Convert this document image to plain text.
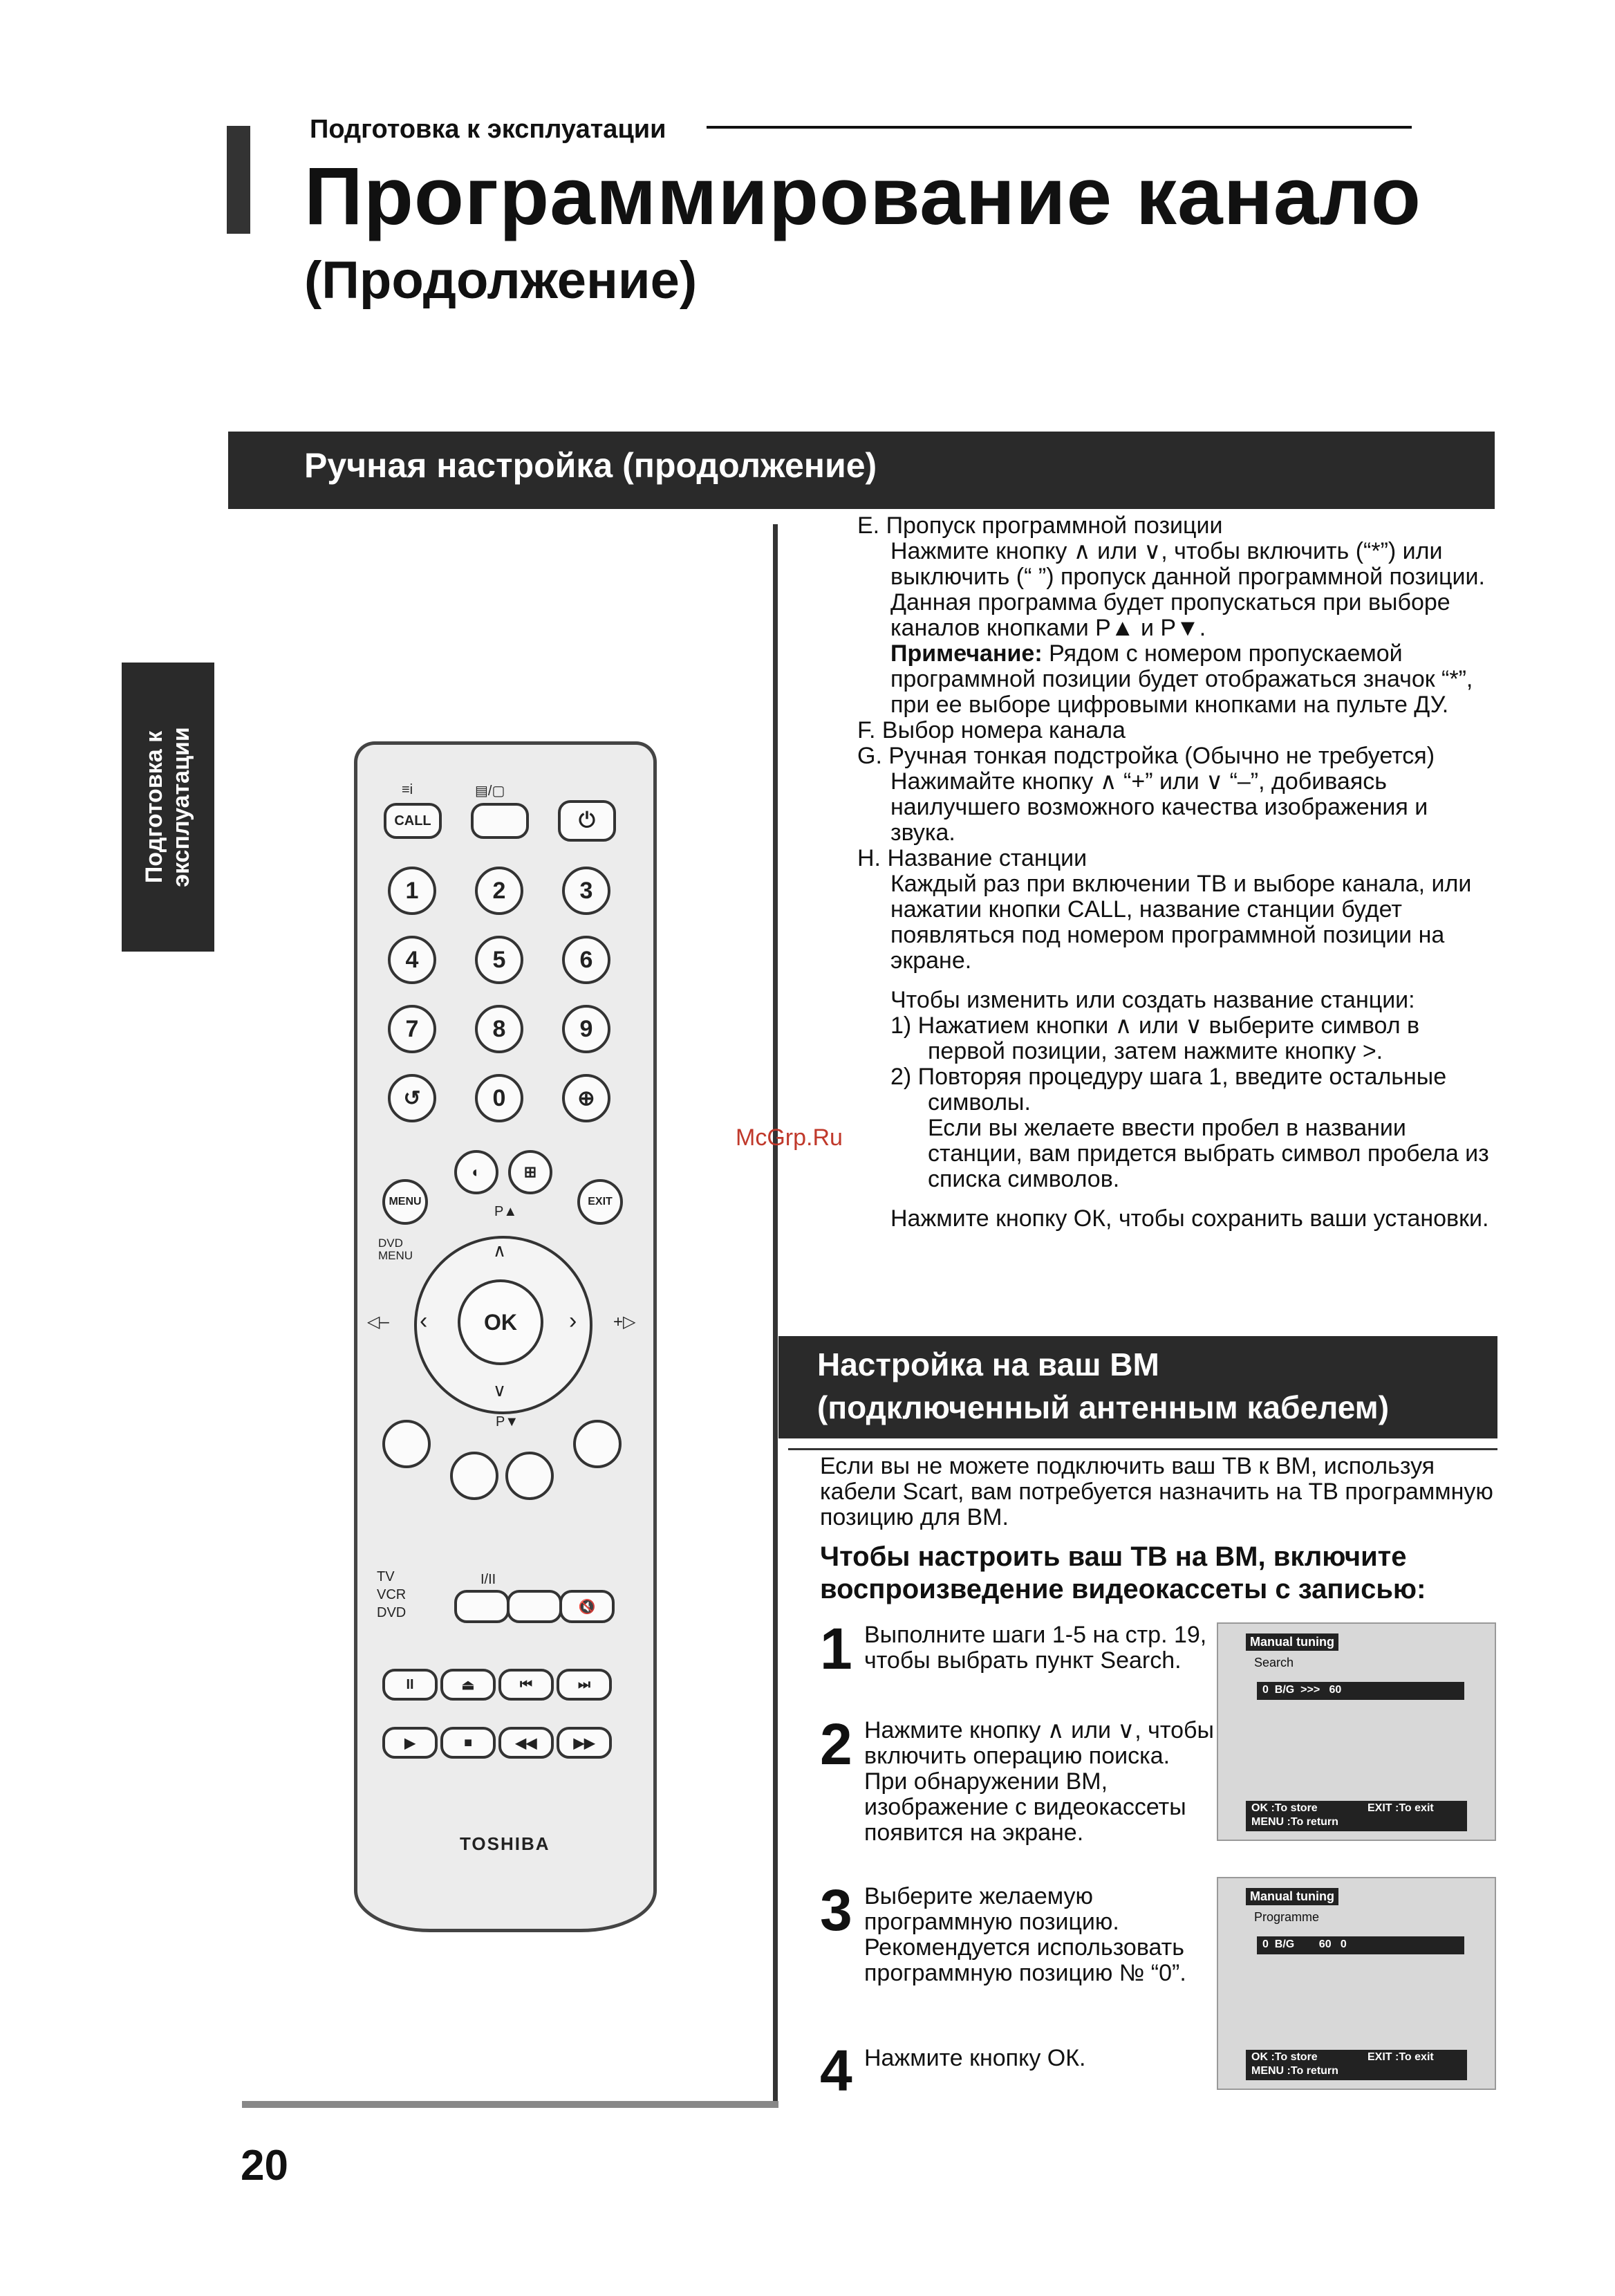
Подготовка к эксплуатации
Программирование канало
(Продолжение)
Ручная настройка (продолжение)
Подготовка к
эксплуатации	≡i	▤/▢
CALL	⏻
1	2	3
4	5	6
7	8	9
↺	0	⊕
◐	⊞
MENU	EXIT
P▲
DVD MENU	∧
∨
‹	›
OK
P▼
◁–	+▷
TV
VCR
DVD
I/II
🔇
II	⏏	⏮	⏭
▶	■	◀◀	▶▶
TOSHIBA

E. Пропуск программной позиции

Нажмите кнопку ∧ или ∨, чтобы включить (“*”) или выключить (“ ”) пропуск данной программной позиции.

Данная программа будет пропускаться при выборе каналов кнопками P▲ и P▼.

Примечание: Рядом с номером пропускаемой программной позиции будет отображаться значок “*”, при ее выборе цифровыми кнопками на пульте ДУ.

F. Выбор номера канала

G. Ручная тонкая подстройка (Обычно не требуется)

Нажимайте кнопку ∧ “+” или ∨ “–”, добиваясь наилучшего возможного качества изображения и звука.

H. Название станции

Каждый раз при включении ТВ и выборе канала, или нажатии кнопки CALL, название станции будет появляться под номером программной позиции на экране.

Чтобы изменить или создать название станции:

1) Нажатием кнопки ∧ или ∨ выберите символ в первой позиции, затем нажмите кнопку >.

2) Повторяя процедуру шага 1, введите остальные символы.

Если вы желаете ввести пробел в названии станции, вам придется выбрать символ пробела из списка символов.

Нажмите кнопку ОК, чтобы сохранить ваши установки.

McGrp.Ru
Настройка на ваш ВМ
(подключенный антенным кабелем)

Если вы не можете подключить ваш ТВ к ВМ, используя кабели Scart, вам потребуется назначить на ТВ программную позицию для ВМ.

Чтобы настроить ваш ТВ на ВМ, включите воспроизведение видеокассеты с записью:
1 Выполните шаги 1-5 на стр. 19, чтобы выбрать пункт Search.
2 Нажмите кнопку ∧ или ∨, чтобы включить операцию поиска.
При обнаружении ВМ, изображение с видеокассеты появится на экране.
3 Выберите желаемую программную позицию. Рекомендуется использовать программную позицию № “0”.
4 Нажмите кнопку ОК.
Manual tuning
Search
0  B/G  >>>   60
OK :To store	EXIT :To exit
MENU :To return
Manual tuning
Programme
0  B/G        60   0
OK :To store	EXIT :To exit
MENU :To return
20
